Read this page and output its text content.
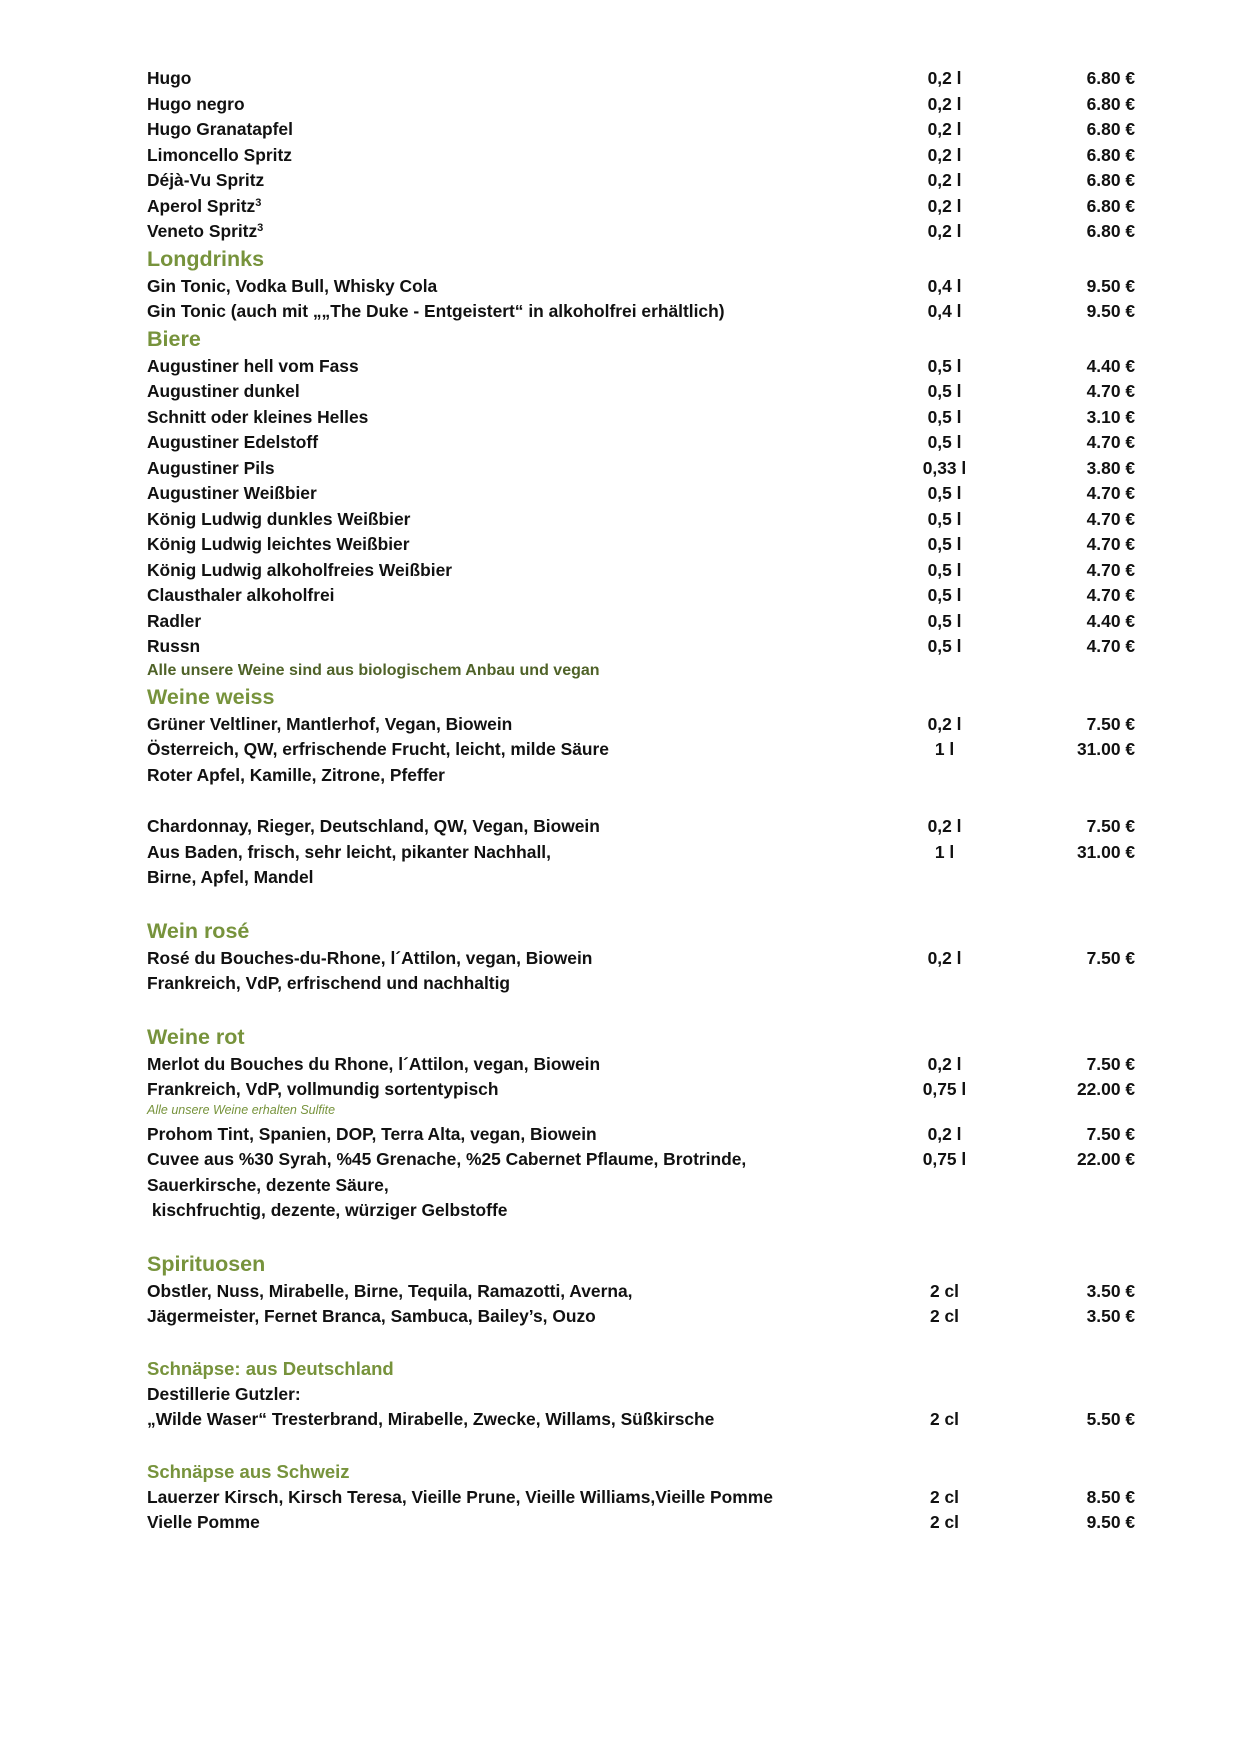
Hugo	0,2 l	6.80 €
Hugo negro	0,2 l	6.80 €
Hugo Granatapfel	0,2 l	6.80 €
Limoncello Spritz	0,2 l	6.80 €
Déjà-Vu Spritz	0,2 l	6.80 €
Aperol Spritz$^3$	0,2 l	6.80 €
Veneto Spritz$^3$	0,2 l	6.80 €
Longdrinks
Gin Tonic, Vodka Bull, Whisky Cola	0,4 l	9.50 €
Gin Tonic (auch mit „„The Duke - Entgeistert“ in alkoholfrei erhältlich)	0,4 l	9.50 €
Biere
Augustiner hell vom Fass	0,5 l	4.40 €
Augustiner dunkel	0,5 l	4.70 €
Schnitt oder kleines Helles	0,5 l	3.10 €
Augustiner Edelstoff	0,5 l	4.70 €
Augustiner Pils	0,33 l	3.80 €
Augustiner Weißbier	0,5 l	4.70 €
König Ludwig dunkles Weißbier	0,5 l	4.70 €
König Ludwig leichtes Weißbier	0,5 l	4.70 €
König Ludwig alkoholfreies Weißbier	0,5 l	4.70 €
Clausthaler alkoholfrei	0,5 l	4.70 €
Radler	0,5 l	4.40 €
Russn	0,5 l	4.70 €
Alle unsere Weine sind aus biologischem Anbau und vegan
Weine weiss
Grüner Veltliner, Mantlerhof, Vegan, Biowein	0,2 l	7.50 €
Österreich, QW, erfrischende Frucht, leicht, milde Säure	1 l	31.00 €
Roter Apfel, Kamille, Zitrone, Pfeffer
Chardonnay, Rieger, Deutschland, QW, Vegan, Biowein	0,2 l	7.50 €
Aus Baden, frisch, sehr leicht, pikanter Nachhall,	1 l	31.00 €
Birne, Apfel, Mandel
Wein rosé
Rosé du Bouches-du-Rhone, l´Attilon, vegan, Biowein	0,2 l	7.50 €
Frankreich, VdP, erfrischend und nachhaltig
Weine rot
Merlot du Bouches du Rhone, l´Attilon, vegan, Biowein	0,2 l	7.50 €
Frankreich, VdP, vollmundig sortentypisch	0,75 l	22.00 €
Alle unsere Weine erhalten Sulfite
Prohom Tint, Spanien, DOP, Terra Alta, vegan, Biowein	0,2 l	7.50 €
Cuvee aus %30 Syrah, %45 Grenache, %25 Cabernet Pflaume, Brotrinde,	0,75 l	22.00 €
Sauerkirsche, dezente Säure,
kischfruchtig, dezente, würziger Gelbstoffe
Spirituosen
Obstler, Nuss, Mirabelle, Birne, Tequila, Ramazotti, Averna,	2 cl	3.50 €
Jägermeister, Fernet Branca, Sambuca, Bailey’s, Ouzo	2 cl	3.50 €
Schnäpse: aus Deutschland
Destillerie Gutzler:
„Wilde Waser“ Tresterbrand, Mirabelle, Zwecke, Willams, Süßkirsche	2 cl	5.50 €
Schnäpse aus Schweiz
Lauerzer Kirsch, Kirsch Teresa, Vieille Prune, Vieille Williams,Vieille Pomme	2 cl	8.50 €
Vielle Pomme	2 cl	9.50 €
